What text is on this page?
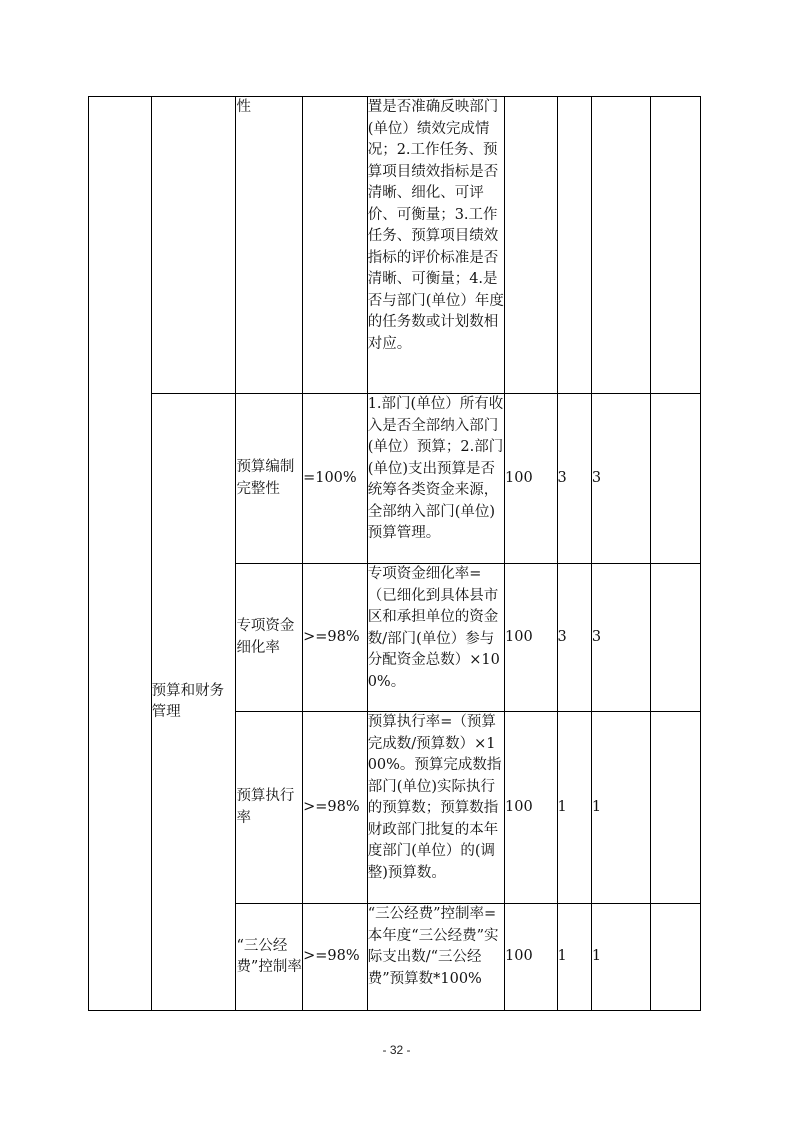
		性		置是否准确反映部门(单位）绩效完成情况；2.工作任务、预算项目绩效指标是否清晰、细化、可评价、可衡量；3.工作任务、预算项目绩效指标的评价标准是否清晰、可衡量；4.是否与部门(单位）年度的任务数或计划数相对应。				
	预算和财务管理	预算编制完整性	=100%	1.部门(单位）所有收入是否全部纳入部门(单位）预算；2.部门(单位)支出预算是否统筹各类资金来源，全部纳入部门(单位)预算管理。	100	3	3	
		专项资金细化率	>=98%	专项资金细化率=（已细化到具体县市区和承担单位的资金数/部门(单位）参与分配资金总数）×100%。	100	3	3	
		预算执行率	>=98%	预算执行率=（预算完成数/预算数）×100%。预算完成数指部门(单位)实际执行的预算数；预算数指财政部门批复的本年度部门(单位）的(调整)预算数。	100	1	1	
		“三公经费”控制率	>=98%	“三公经费”控制率=本年度“三公经费”实际支出数/“三公经费”预算数*100%	100	1	1	
- 32 -
